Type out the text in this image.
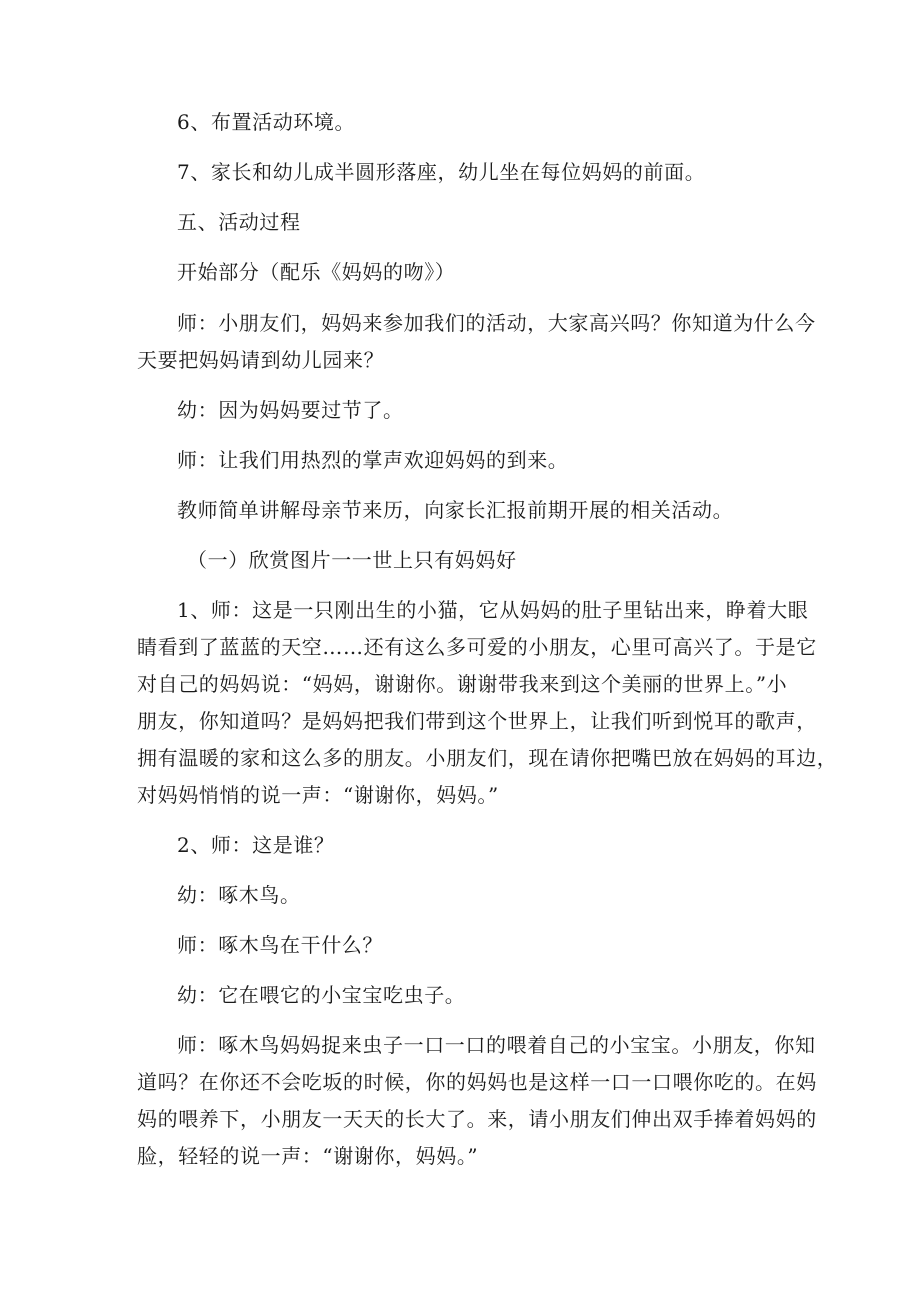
6、布置活动环境。
7、家长和幼儿成半圆形落座，幼儿坐在每位妈妈的前面。
五、活动过程
开始部分（配乐《妈妈的吻》）
师：小朋友们，妈妈来参加我们的活动，大家高兴吗？你知道为什么今
天要把妈妈请到幼儿园来？
幼：因为妈妈要过节了。
师：让我们用热烈的掌声欢迎妈妈的到来。
教师简单讲解母亲节来历，向家长汇报前期开展的相关活动。
（一）欣赏图片一一世上只有妈妈好
1、师：这是一只刚出生的小猫，它从妈妈的肚子里钻出来，睁着大眼
睛看到了蓝蓝的天空……还有这么多可爱的小朋友，心里可高兴了。于是它
对自己的妈妈说：“妈妈，谢谢你。谢谢带我来到这个美丽的世界上。”小
朋友，你知道吗？是妈妈把我们带到这个世界上，让我们听到悦耳的歌声，
拥有温暖的家和这么多的朋友。小朋友们，现在请你把嘴巴放在妈妈的耳边，
对妈妈悄悄的说一声：“谢谢你，妈妈。”
2、师：这是谁？
幼：啄木鸟。
师：啄木鸟在干什么？
幼：它在喂它的小宝宝吃虫子。
师：啄木鸟妈妈捉来虫子一口一口的喂着自己的小宝宝。小朋友，你知
道吗？在你还不会吃坂的时候，你的妈妈也是这样一口一口喂你吃的。在妈
妈的喂养下，小朋友一天天的长大了。来，请小朋友们伸出双手捧着妈妈的
脸，轻轻的说一声：“谢谢你，妈妈。”
